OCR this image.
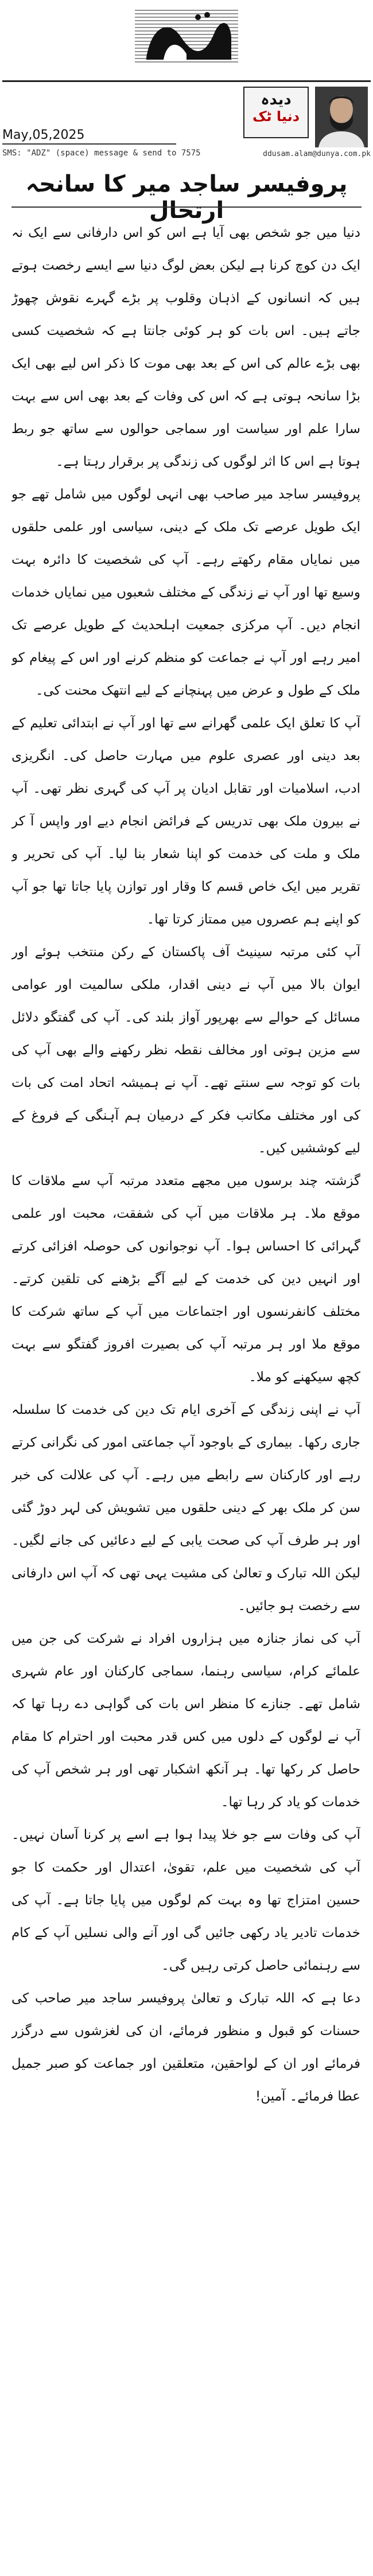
May,05,2025
SMS: "ADZ" (space) message & send to 7575	ddusam.alam@dunya.com.pk
دیدہ
دنیا ٹک
پروفیسر ساجد میر کا سانحہ ارتحال

دنیا میں جو شخص بھی آیا ہے اس کو اس دارفانی سے ایک نہ ایک دن کوچ کرنا ہے لیکن بعض لوگ دنیا سے ایسے رخصت ہوتے ہیں کہ انسانوں کے اذہان وقلوب پر بڑے گہرے نقوش چھوڑ جاتے ہیں۔ اس بات کو ہر کوئی جانتا ہے کہ شخصیت کسی بھی بڑے عالم کی اس کے بعد بھی موت کا ذکر اس لیے بھی ایک بڑا سانحہ ہوتی ہے کہ اس کی وفات کے بعد بھی اس سے بہت سارا علم اور سیاست اور سماجی حوالوں سے ساتھ جو ربط ہوتا ہے اس کا اثر لوگوں کی زندگی پر برقرار رہتا ہے۔

پروفیسر ساجد میر صاحب بھی انہی لوگوں میں شامل تھے جو ایک طویل عرصے تک ملک کے دینی، سیاسی اور علمی حلقوں میں نمایاں مقام رکھتے رہے۔ آپ کی شخصیت کا دائرہ بہت وسیع تھا اور آپ نے زندگی کے مختلف شعبوں میں نمایاں خدمات انجام دیں۔ آپ مرکزی جمعیت اہلحدیث کے طویل عرصے تک امیر رہے اور آپ نے جماعت کو منظم کرنے اور اس کے پیغام کو ملک کے طول و عرض میں پہنچانے کے لیے انتھک محنت کی۔

آپ کا تعلق ایک علمی گھرانے سے تھا اور آپ نے ابتدائی تعلیم کے بعد دینی اور عصری علوم میں مہارت حاصل کی۔ انگریزی ادب، اسلامیات اور تقابل ادیان پر آپ کی گہری نظر تھی۔ آپ نے بیرون ملک بھی تدریس کے فرائض انجام دیے اور واپس آ کر ملک و ملت کی خدمت کو اپنا شعار بنا لیا۔ آپ کی تحریر و تقریر میں ایک خاص قسم کا وقار اور توازن پایا جاتا تھا جو آپ کو اپنے ہم عصروں میں ممتاز کرتا تھا۔

آپ کئی مرتبہ سینیٹ آف پاکستان کے رکن منتخب ہوئے اور ایوان بالا میں آپ نے دینی اقدار، ملکی سالمیت اور عوامی مسائل کے حوالے سے بھرپور آواز بلند کی۔ آپ کی گفتگو دلائل سے مزین ہوتی اور مخالف نقطہ نظر رکھنے والے بھی آپ کی بات کو توجہ سے سنتے تھے۔ آپ نے ہمیشہ اتحاد امت کی بات کی اور مختلف مکاتب فکر کے درمیان ہم آہنگی کے فروغ کے لیے کوششیں کیں۔

گزشتہ چند برسوں میں مجھے متعدد مرتبہ آپ سے ملاقات کا موقع ملا۔ ہر ملاقات میں آپ کی شفقت، محبت اور علمی گہرائی کا احساس ہوا۔ آپ نوجوانوں کی حوصلہ افزائی کرتے اور انہیں دین کی خدمت کے لیے آگے بڑھنے کی تلقین کرتے۔ مختلف کانفرنسوں اور اجتماعات میں آپ کے ساتھ شرکت کا موقع ملا اور ہر مرتبہ آپ کی بصیرت افروز گفتگو سے بہت کچھ سیکھنے کو ملا۔

آپ نے اپنی زندگی کے آخری ایام تک دین کی خدمت کا سلسلہ جاری رکھا۔ بیماری کے باوجود آپ جماعتی امور کی نگرانی کرتے رہے اور کارکنان سے رابطے میں رہے۔ آپ کی علالت کی خبر سن کر ملک بھر کے دینی حلقوں میں تشویش کی لہر دوڑ گئی اور ہر طرف آپ کی صحت یابی کے لیے دعائیں کی جانے لگیں۔ لیکن اللہ تبارک و تعالیٰ کی مشیت یہی تھی کہ آپ اس دارفانی سے رخصت ہو جائیں۔

آپ کی نماز جنازہ میں ہزاروں افراد نے شرکت کی جن میں علمائے کرام، سیاسی رہنما، سماجی کارکنان اور عام شہری شامل تھے۔ جنازے کا منظر اس بات کی گواہی دے رہا تھا کہ آپ نے لوگوں کے دلوں میں کس قدر محبت اور احترام کا مقام حاصل کر رکھا تھا۔ ہر آنکھ اشکبار تھی اور ہر شخص آپ کی خدمات کو یاد کر رہا تھا۔

آپ کی وفات سے جو خلا پیدا ہوا ہے اسے پر کرنا آسان نہیں۔ آپ کی شخصیت میں علم، تقویٰ، اعتدال اور حکمت کا جو حسین امتزاج تھا وہ بہت کم لوگوں میں پایا جاتا ہے۔ آپ کی خدمات تادیر یاد رکھی جائیں گی اور آنے والی نسلیں آپ کے کام سے رہنمائی حاصل کرتی رہیں گی۔

دعا ہے کہ اللہ تبارک و تعالیٰ پروفیسر ساجد میر صاحب کی حسنات کو قبول و منظور فرمائے، ان کی لغزشوں سے درگزر فرمائے اور ان کے لواحقین، متعلقین اور جماعت کو صبر جمیل عطا فرمائے۔ آمین!
